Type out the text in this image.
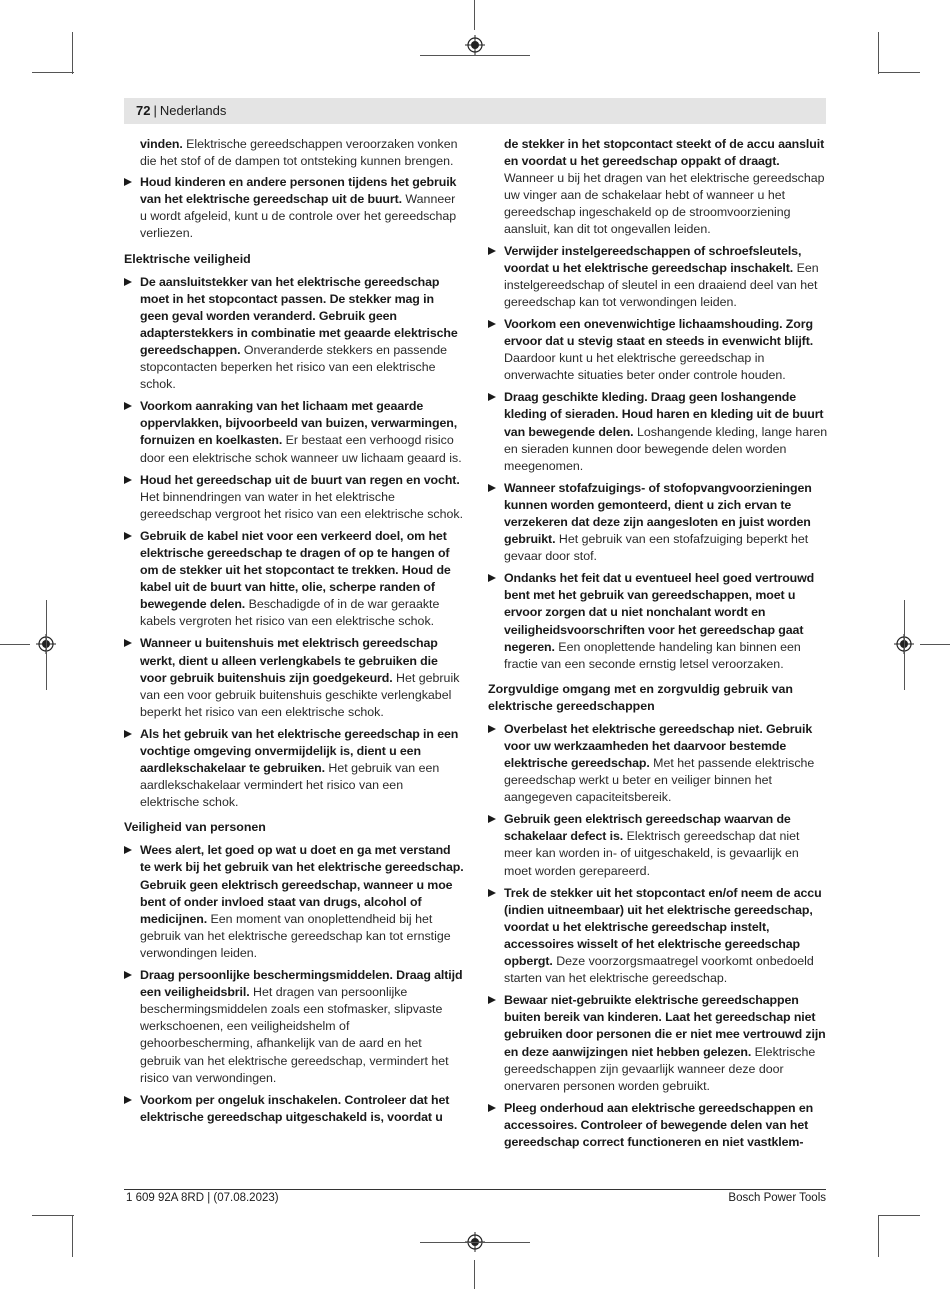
72 | Nederlands

vinden. Elektrische gereedschappen veroorzaken vonken die het stof of de dampen tot ontsteking kunnen brengen.

Houd kinderen en andere personen tijdens het gebruik van het elektrische gereedschap uit de buurt. Wanneer u wordt afgeleid, kunt u de controle over het gereedschap verliezen.
Elektrische veiligheid
De aansluitstekker van het elektrische gereedschap moet in het stopcontact passen. De stekker mag in geen geval worden veranderd. Gebruik geen adapterstekkers in combinatie met geaarde elektrische gereedschappen. Onveranderde stekkers en passende stopcontacten beperken het risico van een elektrische schok.
Voorkom aanraking van het lichaam met geaarde oppervlakken, bijvoorbeeld van buizen, verwarmingen, fornuizen en koelkasten. Er bestaat een verhoogd risico door een elektrische schok wanneer uw lichaam geaard is.
Houd het gereedschap uit de buurt van regen en vocht. Het binnendringen van water in het elektrische gereedschap vergroot het risico van een elektrische schok.
Gebruik de kabel niet voor een verkeerd doel, om het elektrische gereedschap te dragen of op te hangen of om de stekker uit het stopcontact te trekken. Houd de kabel uit de buurt van hitte, olie, scherpe randen of bewegende delen. Beschadigde of in de war geraakte kabels vergroten het risico van een elektrische schok.
Wanneer u buitenshuis met elektrisch gereedschap werkt, dient u alleen verlengkabels te gebruiken die voor gebruik buitenshuis zijn goedgekeurd. Het gebruik van een voor gebruik buitenshuis geschikte verlengkabel beperkt het risico van een elektrische schok.
Als het gebruik van het elektrische gereedschap in een vochtige omgeving onvermijdelijk is, dient u een aardlekschakelaar te gebruiken. Het gebruik van een aardlekschakelaar vermindert het risico van een elektrische schok.
Veiligheid van personen
Wees alert, let goed op wat u doet en ga met verstand te werk bij het gebruik van het elektrische gereedschap. Gebruik geen elektrisch gereedschap, wanneer u moe bent of onder invloed staat van drugs, alcohol of medicijnen. Een moment van onoplettendheid bij het gebruik van het elektrische gereedschap kan tot ernstige verwondingen leiden.
Draag persoonlijke beschermingsmiddelen. Draag altijd een veiligheidsbril. Het dragen van persoonlijke beschermingsmiddelen zoals een stofmasker, slipvaste werkschoenen, een veiligheidshelm of gehoorbescherming, afhankelijk van de aard en het gebruik van het elektrische gereedschap, vermindert het risico van verwondingen.
Voorkom per ongeluk inschakelen. Controleer dat het elektrische gereedschap uitgeschakeld is, voordat u

de stekker in het stopcontact steekt of de accu aansluit en voordat u het gereedschap oppakt of draagt. Wanneer u bij het dragen van het elektrische gereedschap uw vinger aan de schakelaar hebt of wanneer u het gereedschap ingeschakeld op de stroomvoorziening aansluit, kan dit tot ongevallen leiden.

Verwijder instelgereedschappen of schroefsleutels, voordat u het elektrische gereedschap inschakelt. Een instelgereedschap of sleutel in een draaiend deel van het gereedschap kan tot verwondingen leiden.
Voorkom een onevenwichtige lichaamshouding. Zorg ervoor dat u stevig staat en steeds in evenwicht blijft. Daardoor kunt u het elektrische gereedschap in onverwachte situaties beter onder controle houden.
Draag geschikte kleding. Draag geen loshangende kleding of sieraden. Houd haren en kleding uit de buurt van bewegende delen. Loshangende kleding, lange haren en sieraden kunnen door bewegende delen worden meegenomen.
Wanneer stofafzuigings- of stofopvangvoorzieningen kunnen worden gemonteerd, dient u zich ervan te verzekeren dat deze zijn aangesloten en juist worden gebruikt. Het gebruik van een stofafzuiging beperkt het gevaar door stof.
Ondanks het feit dat u eventueel heel goed vertrouwd bent met het gebruik van gereedschappen, moet u ervoor zorgen dat u niet nonchalant wordt en veiligheidsvoorschriften voor het gereedschap gaat negeren. Een onoplettende handeling kan binnen een fractie van een seconde ernstig letsel veroorzaken.
Zorgvuldige omgang met en zorgvuldig gebruik van elektrische gereedschappen
Overbelast het elektrische gereedschap niet. Gebruik voor uw werkzaamheden het daarvoor bestemde elektrische gereedschap. Met het passende elektrische gereedschap werkt u beter en veiliger binnen het aangegeven capaciteitsbereik.
Gebruik geen elektrisch gereedschap waarvan de schakelaar defect is. Elektrisch gereedschap dat niet meer kan worden in- of uitgeschakeld, is gevaarlijk en moet worden gerepareerd.
Trek de stekker uit het stopcontact en/of neem de accu (indien uitneembaar) uit het elektrische gereedschap, voordat u het elektrische gereedschap instelt, accessoires wisselt of het elektrische gereedschap opbergt. Deze voorzorgsmaatregel voorkomt onbedoeld starten van het elektrische gereedschap.
Bewaar niet-gebruikte elektrische gereedschappen buiten bereik van kinderen. Laat het gereedschap niet gebruiken door personen die er niet mee vertrouwd zijn en deze aanwijzingen niet hebben gelezen. Elektrische gereedschappen zijn gevaarlijk wanneer deze door onervaren personen worden gebruikt.
Pleeg onderhoud aan elektrische gereedschappen en accessoires. Controleer of bewegende delen van het gereedschap correct functioneren en niet vastklem-
1 609 92A 8RD | (07.08.2023)	Bosch Power Tools
